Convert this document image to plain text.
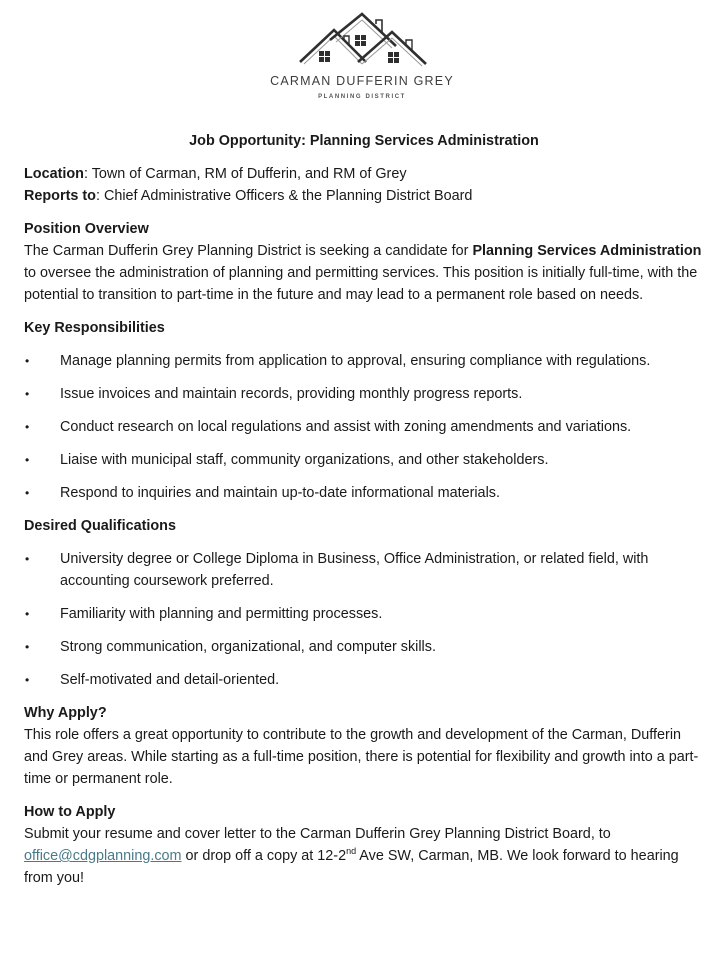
CARMAN DUFFERIN GREY
PLANNING DISTRICT

Job Opportunity: Planning Services Administration

Location: Town of Carman, RM of Dufferin, and RM of Grey

Reports to: Chief Administrative Officers & the Planning District Board

Position Overview

The Carman Dufferin Grey Planning District is seeking a candidate for Planning Services Administration to oversee the administration of planning and permitting services. This position is initially full-time, with the potential to transition to part-time in the future and may lead to a permanent role based on needs.

Key Responsibilities

• Manage planning permits from application to approval, ensuring compliance with regulations.
• Issue invoices and maintain records, providing monthly progress reports.
• Conduct research on local regulations and assist with zoning amendments and variations.
• Liaise with municipal staff, community organizations, and other stakeholders.
• Respond to inquiries and maintain up-to-date informational materials.

Desired Qualifications

• University degree or College Diploma in Business, Office Administration, or related field, with accounting coursework preferred.
• Familiarity with planning and permitting processes.
• Strong communication, organizational, and computer skills.
• Self-motivated and detail-oriented.

Why Apply?

This role offers a great opportunity to contribute to the growth and development of the Carman, Dufferin and Grey areas. While starting as a full-time position, there is potential for flexibility and growth into a part-time or permanent role.

How to Apply

Submit your resume and cover letter to the Carman Dufferin Grey Planning District Board, to office@cdgplanning.com or drop off a copy at 12-2nd Ave SW, Carman, MB. We look forward to hearing from you!
